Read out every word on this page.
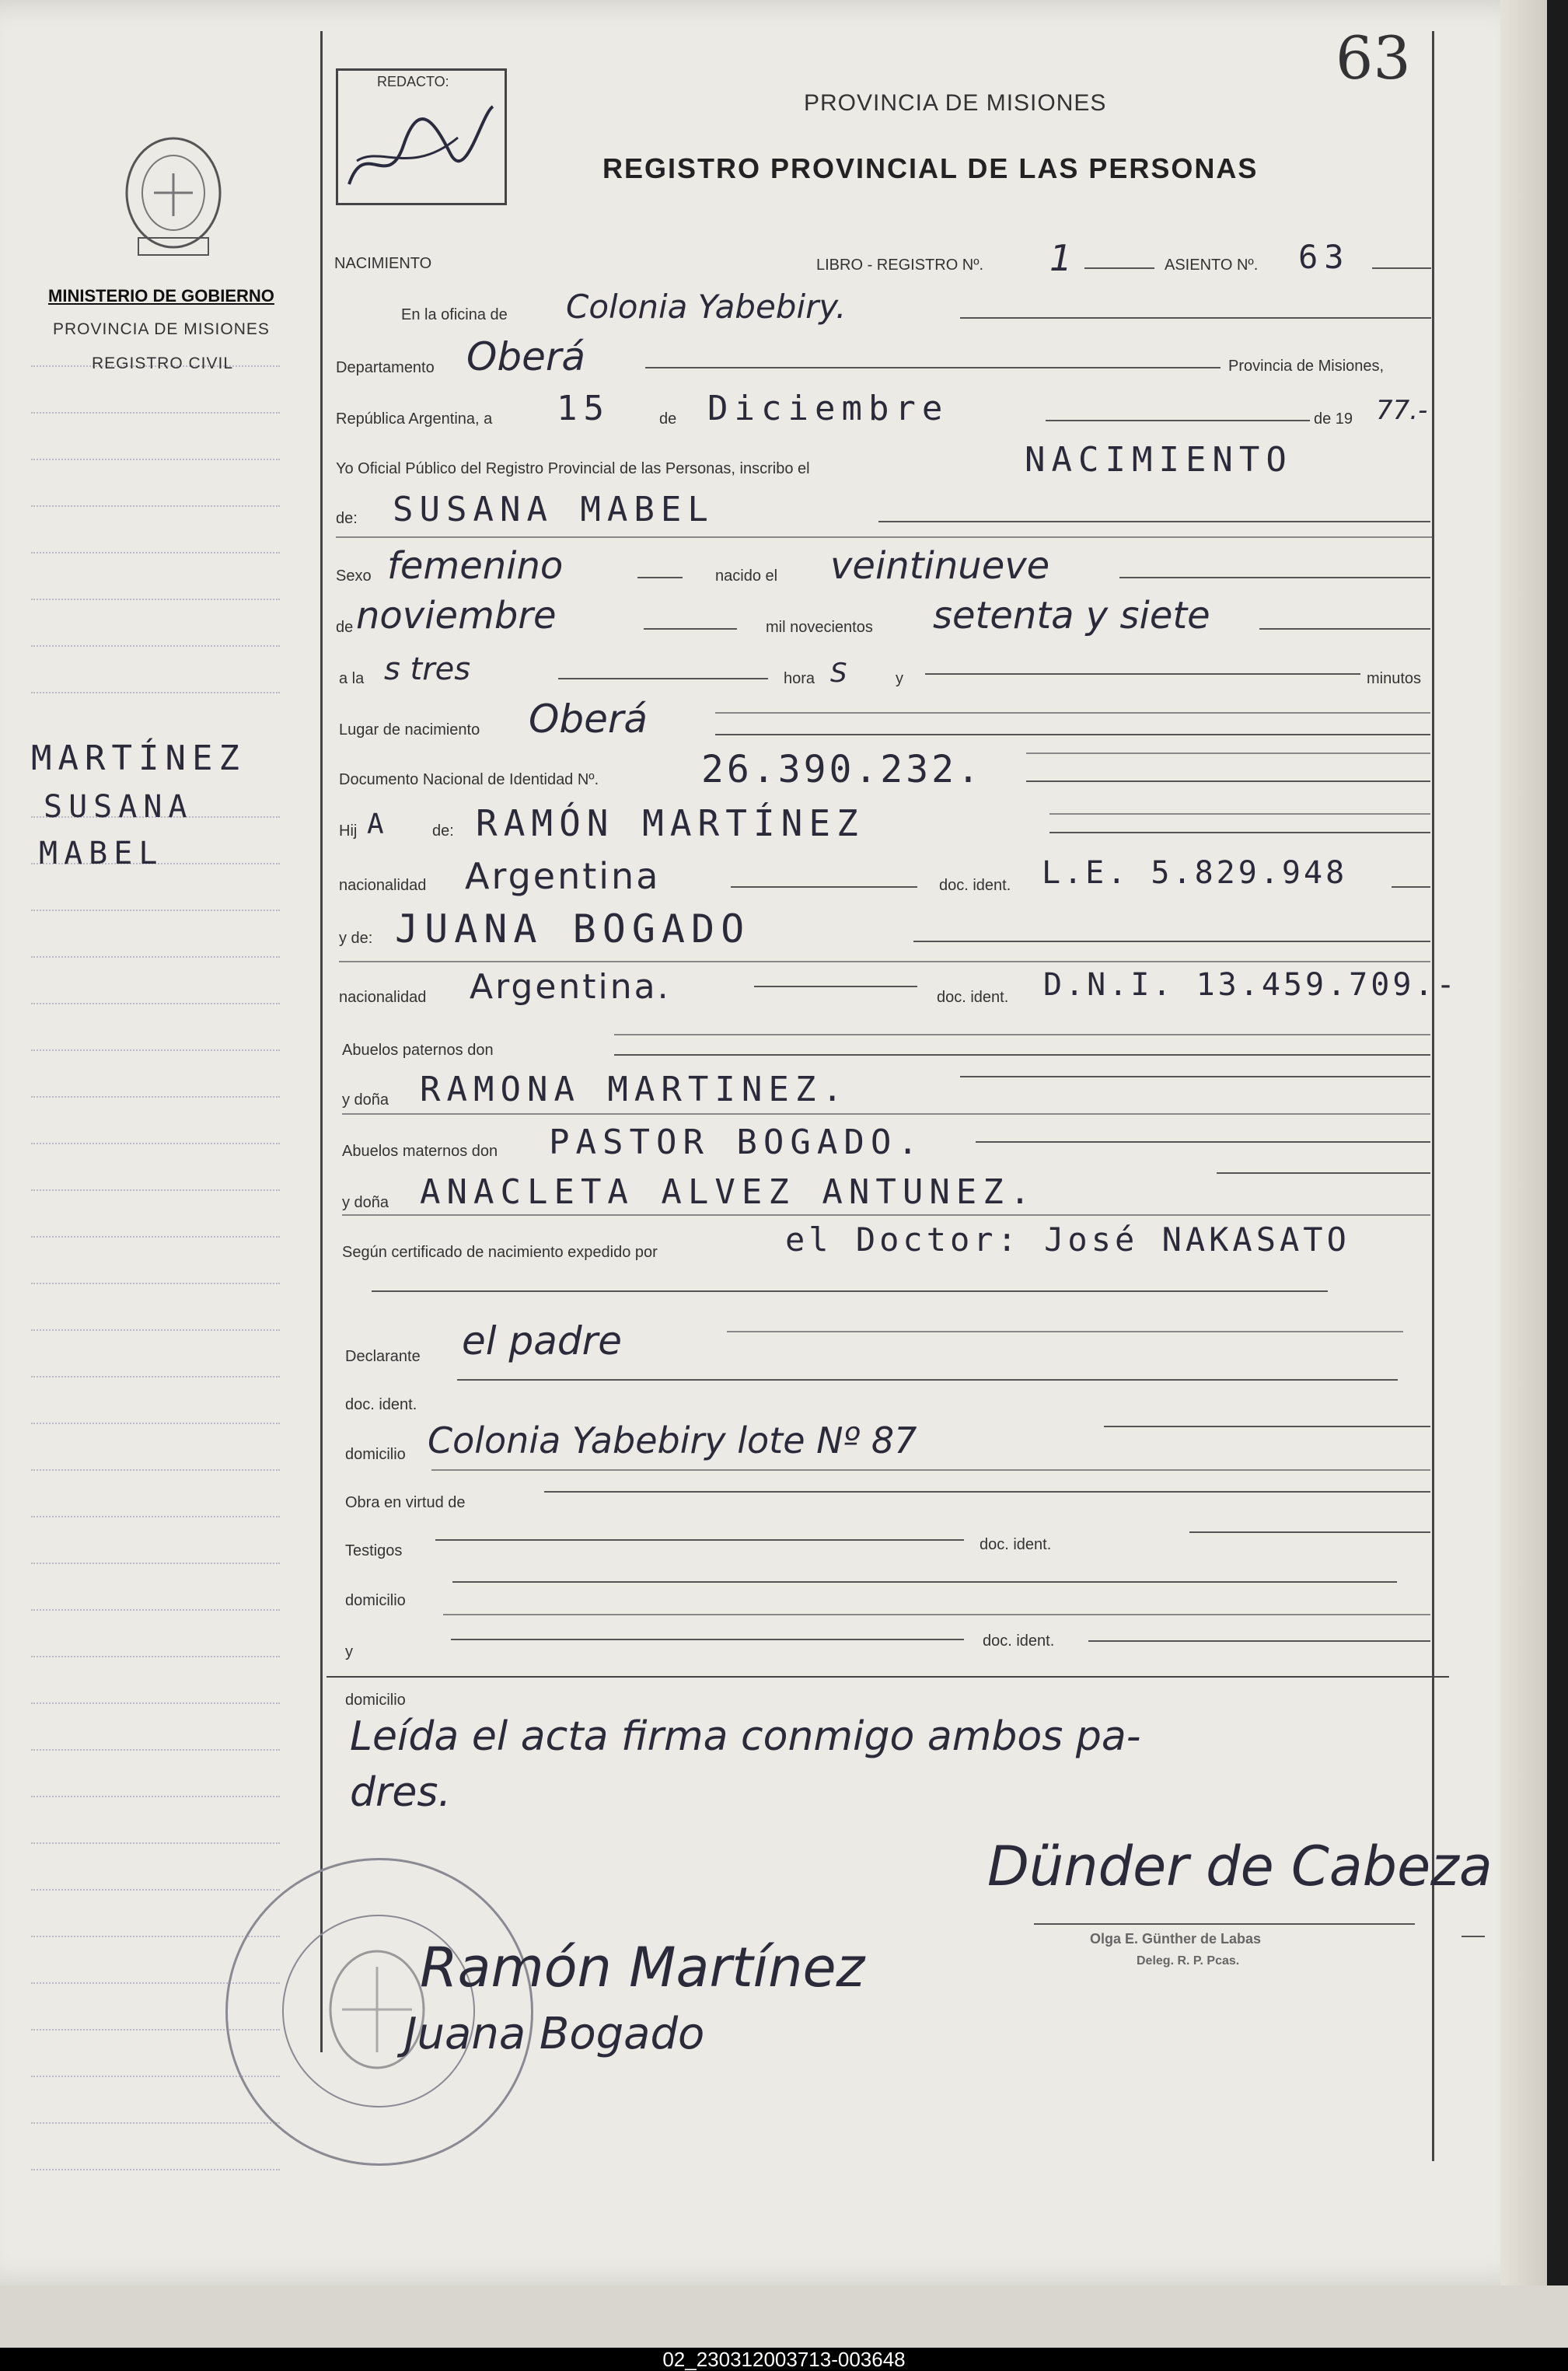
MINISTERIO DE GOBIERNO
PROVINCIA DE MISIONES
REGISTRO CIVIL
MARTÍNEZ
SUSANA
MABEL
REDACTO:	63
PROVINCIA DE MISIONES
REGISTRO PROVINCIAL DE LAS PERSONAS
NACIMIENTO	LIBRO - REGISTRO Nº. 1	ASIENTO Nº. 63
En la oficina de Colonia Yabebiry.
Departamento Oberá	Provincia de Misiones,
República Argentina, a 15	de Diciembre	de 19 77.-
Yo Oficial Público del Registro Provincial de las Personas, inscribo el	NACIMIENTO
de: SUSANA MABEL
Sexo femenino	nacido el veintinueve
de noviembre	mil novecientos setenta y siete
a la s tres	hora S	y	minutos
Lugar de nacimiento Oberá
Documento Nacional de Identidad Nº.	26.390.232.
Hij A	de: RAMÓN MARTÍNEZ
nacionalidad Argentina	doc. ident. L.E. 5.829.948
y de: JUANA BOGADO
nacionalidad Argentina.	doc. ident. D.N.I. 13.459.709.-
Abuelos paternos don
y doña RAMONA MARTINEZ.
Abuelos maternos don PASTOR BOGADO.
y doña ANACLETA ALVEZ ANTUNEZ.
Según certificado de nacimiento expedido por	el Doctor: José NAKASATO
Declarante el padre
doc. ident.
domicilio Colonia Yabebiry lote Nº 87
Obra en virtud de
Testigos	doc. ident.
domicilio
y
doc. ident.
domicilio
Leída el acta firma conmigo ambos pa-
dres.
Dünder de Cabeza
Olga E. Günther de Labas
Deleg. R. P. Pcas.
Ramón Martínez
Juana Bogado
02_230312003713-003648
